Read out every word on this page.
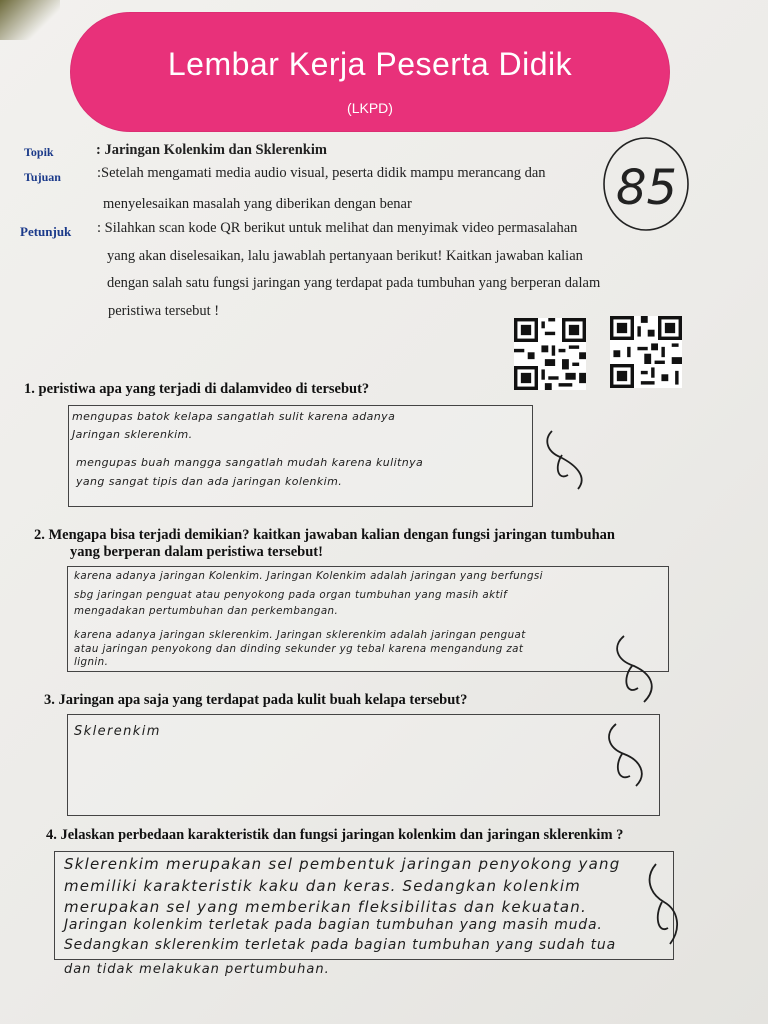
Lembar Kerja Peserta Didik
(LKPD)
Topik	: Jaringan Kolenkim dan Sklerenkim
Tujuan :Setelah mengamati media audio visual, peserta didik mampu merancang dan
menyelesaikan masalah yang diberikan dengan benar
Petunjuk : Silahkan scan kode QR berikut untuk melihat dan menyimak video permasalahan
yang akan diselesaikan, lalu jawablah pertanyaan berikut! Kaitkan jawaban kalian
dengan salah satu fungsi jaringan yang terdapat pada tumbuhan yang berperan dalam
peristiwa tersebut !
85
1. peristiwa apa yang terjadi di dalamvideo di tersebut?
mengupas batok kelapa sangatlah sulit karena adanya
Jaringan sklerenkim.
mengupas buah mangga sangatlah mudah karena kulitnya
yang sangat tipis dan ada jaringan kolenkim.
2. Mengapa bisa terjadi demikian? kaitkan jawaban kalian dengan fungsi jaringan tumbuhan
yang berperan dalam peristiwa tersebut!
karena adanya jaringan Kolenkim. Jaringan Kolenkim adalah jaringan yang berfungsi
sbg jaringan penguat atau penyokong pada organ tumbuhan yang masih aktif
mengadakan pertumbuhan dan perkembangan.
karena adanya jaringan sklerenkim. Jaringan sklerenkim adalah jaringan penguat
atau jaringan penyokong dan dinding sekunder yg tebal karena mengandung zat
lignin.
3. Jaringan apa saja yang terdapat pada kulit buah kelapa tersebut?
Sklerenkim
4. Jelaskan perbedaan karakteristik dan fungsi jaringan kolenkim dan jaringan sklerenkim ?
Sklerenkim merupakan sel pembentuk jaringan penyokong yang
memiliki karakteristik kaku dan keras. Sedangkan kolenkim
merupakan sel yang memberikan fleksibilitas dan kekuatan.
Jaringan kolenkim terletak pada bagian tumbuhan yang masih muda.
Sedangkan sklerenkim terletak pada bagian tumbuhan yang sudah tua
dan tidak melakukan pertumbuhan.
